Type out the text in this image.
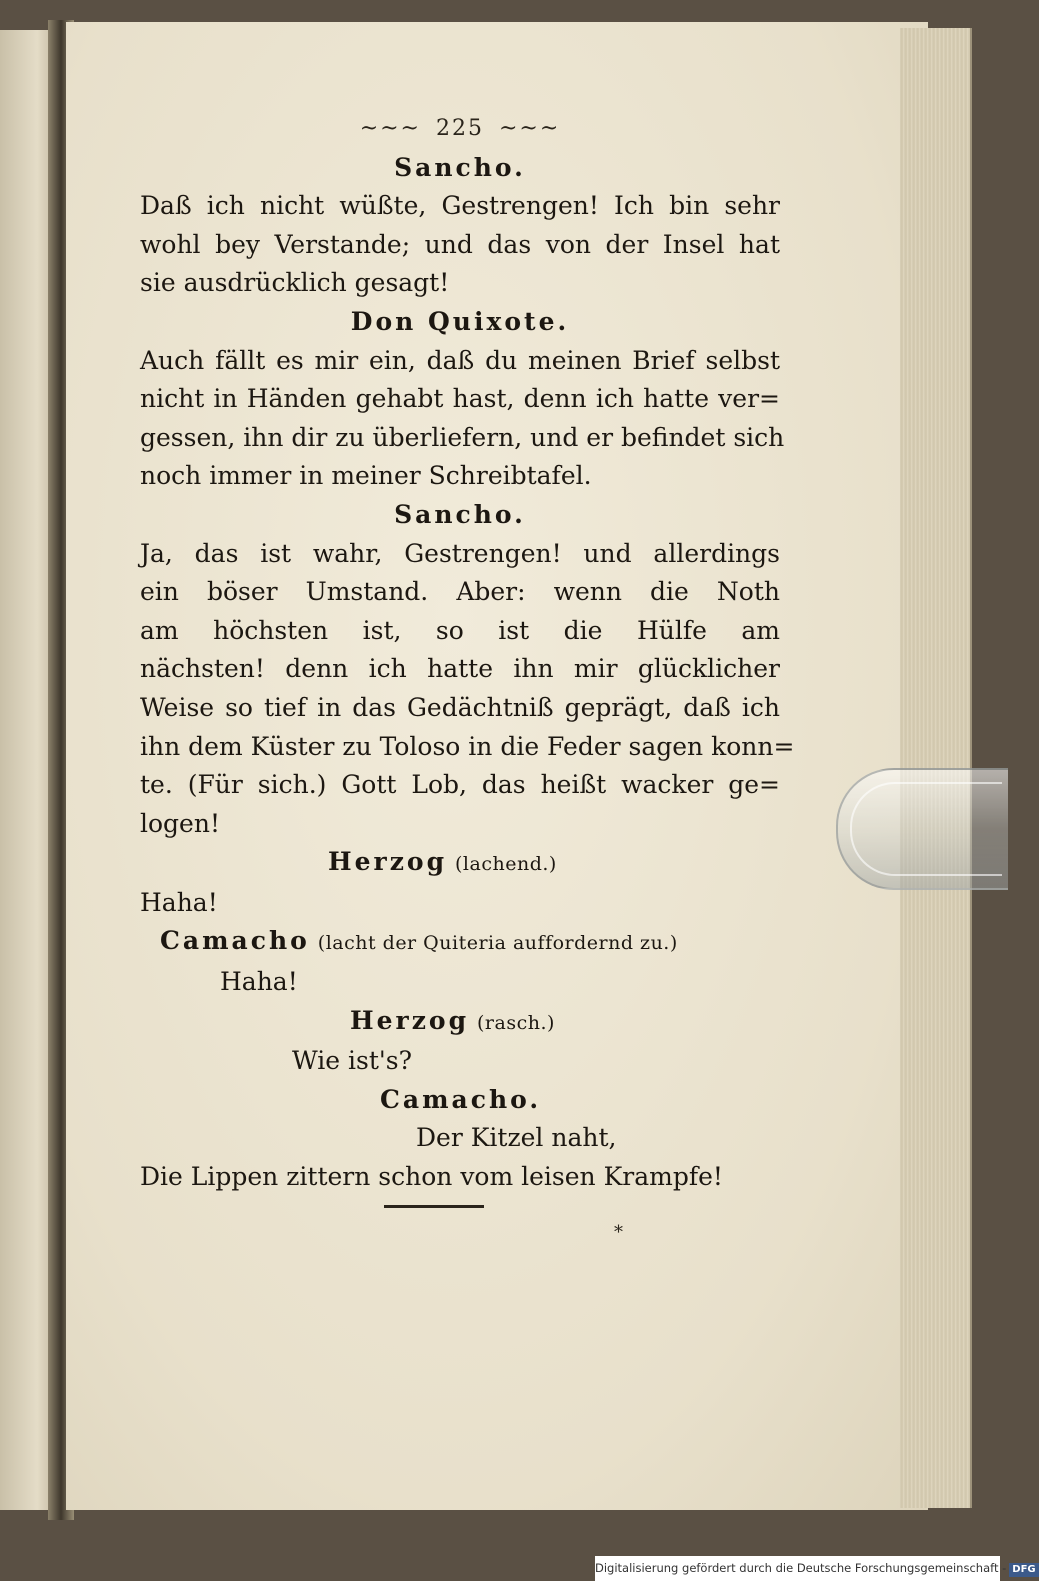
~~~ 225 ~~~
Sancho.
Daß ich nicht wüßte, Gestrengen! Ich bin sehr
wohl bey Verstande; und das von der Insel hat
sie ausdrücklich gesagt!
Don Quixote.
Auch fällt es mir ein, daß du meinen Brief selbst
nicht in Händen gehabt hast, denn ich hatte ver=
gessen, ihn dir zu überliefern, und er befindet sich
noch immer in meiner Schreibtafel.
Sancho.
Ja, das ist wahr, Gestrengen! und allerdings
ein böser Umstand. Aber: wenn die Noth
am höchsten ist, so ist die Hülfe am
nächsten! denn ich hatte ihn mir glücklicher
Weise so tief in das Gedächtniß geprägt, daß ich
ihn dem Küster zu Toloso in die Feder sagen konn=
te. (Für sich.) Gott Lob, das heißt wacker ge=
logen!
Herzog (lachend.)
Haha!
Camacho (lacht der Quiteria auffordernd zu.)
Haha!
Herzog (rasch.)
Wie ist's?
Camacho.
Der Kitzel naht,
Die Lippen zittern schon vom leisen Krampfe!
*
Digitalisierung gefördert durch die Deutsche Forschungsgemeinschaft - DFG
